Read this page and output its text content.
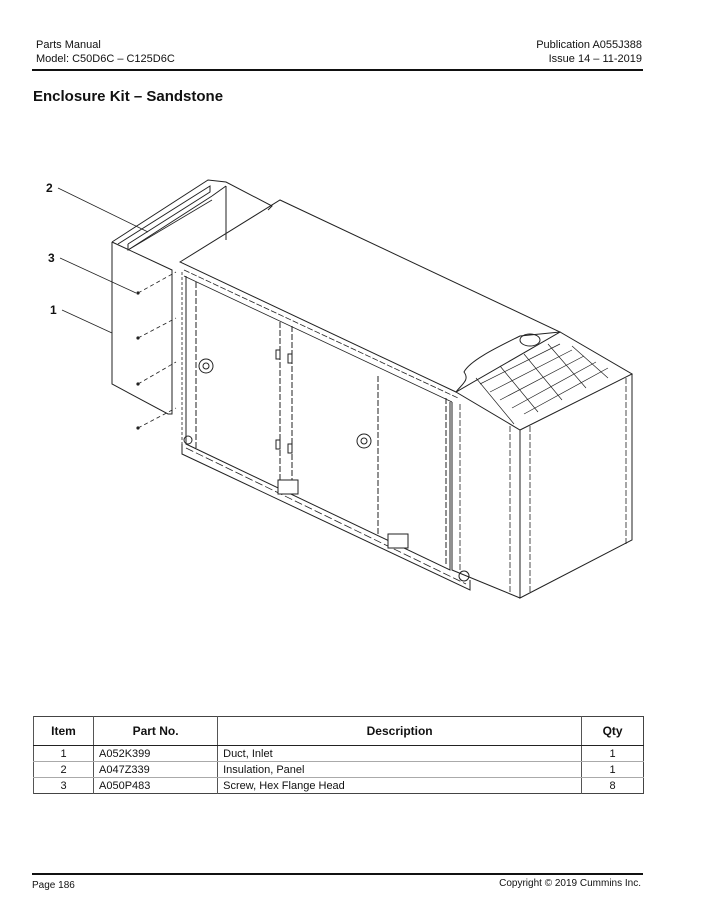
Parts Manual
Model: C50D6C – C125D6C
Publication A055J388
Issue 14 – 11-2019
Enclosure Kit – Sandstone
2
3
1
Item	Part No.	Description	Qty
1	A052K399	Duct, Inlet	1
2	A047Z339	Insulation, Panel	1
3	A050P483	Screw, Hex Flange Head	8
Page 186	Copyright © 2019 Cummins Inc.
